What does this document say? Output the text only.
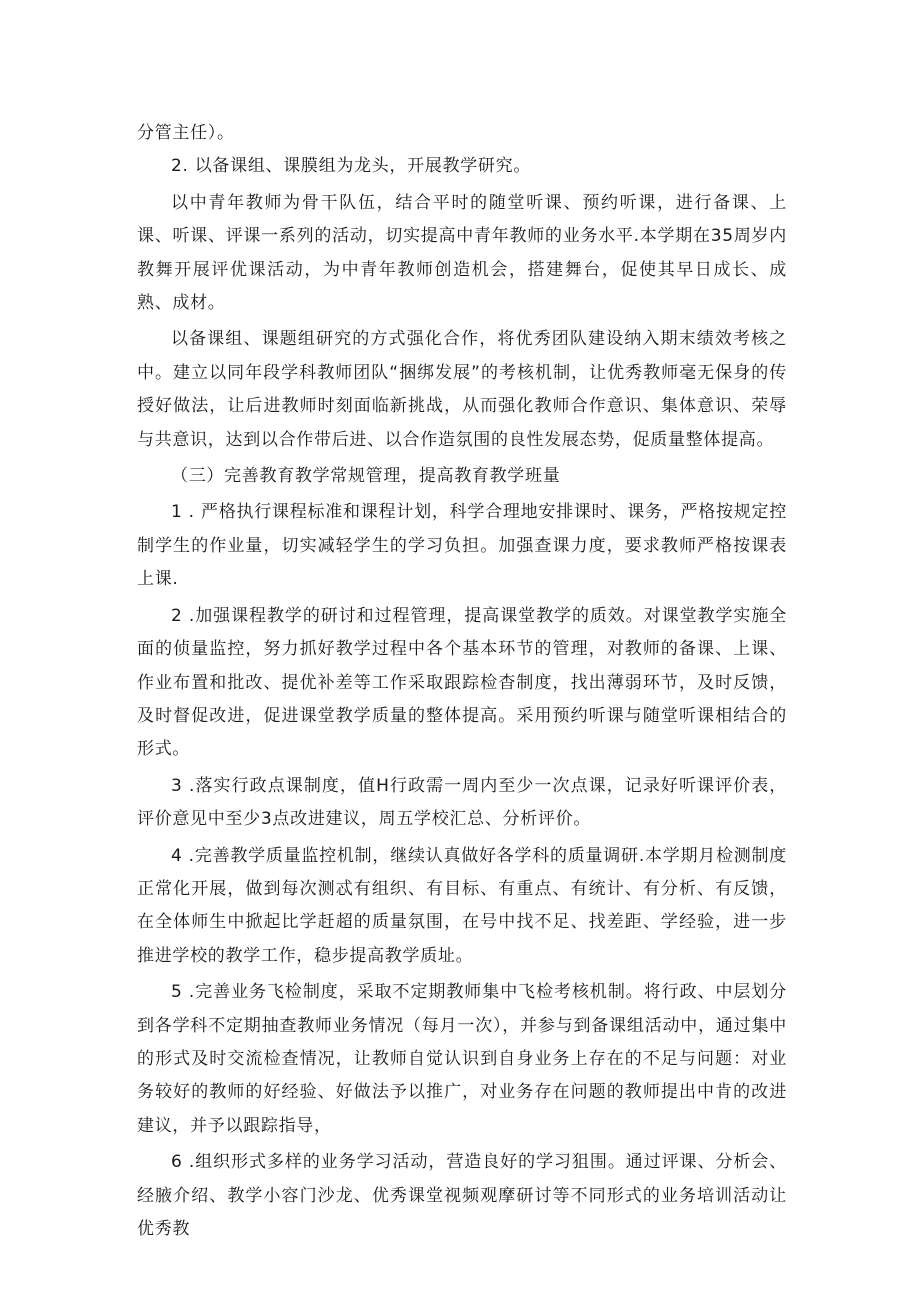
分管主任）。

2. 以备课组、课膜组为龙头，开展教学研究。

以中青年教师为骨干队伍，结合平时的随堂听课、预约听课，进行备课、上课、听课、评课一系列的活动，切实提高中青年教师的业务水平.本学期在35周岁内教舞开展评优课活动，为中青年教师创造机会，搭建舞台，促使其早日成长、成熟、成材。

以备课组、课题组研究的方式强化合作，将优秀团队建设纳入期末绩效考核之中。建立以同年段学科教师团队“捆绑发展”的考核机制，让优秀教师毫无保身的传授好做法，让后进教师时刻面临新挑战，从而强化教师合作意识、集体意识、荣辱与共意识，达到以合作带后进、以合作造氛围的良性发展态势，促质量整体提高。

（三）完善教育教学常规管理，提高教育教学班量

1 . 严格执行课程标准和课程计划，科学合理地安排课时、课务，严格按规定控制学生的作业量，切实减轻学生的学习负担。加强查课力度，要求教师严格按课表上课.

2 .加强课程教学的研讨和过程管理，提高课堂教学的质效。对课堂教学实施全面的侦量监控，努力抓好教学过程中各个基本环节的管理，对教师的备课、上课、作业布置和批改、提优补差等工作采取跟踪检杳制度，找出薄弱环节，及时反馈，及时督促改进，促进课堂教学质量的整体提高。采用预约听课与随堂听课相结合的形式。

3 .落实行政点课制度，值H行政需一周内至少一次点课，记录好听课评价表，评价意见中至少3点改进建议，周五学校汇总、分析评价。

4 .完善教学质量监控机制，继续认真做好各学科的质量调研.本学期月检测制度正常化开展，做到每次测忒有组织、有目标、有重点、有统计、有分析、有反馈，在全体师生中掀起比学赶超的质量氛围，在号中找不足、找差距、学经验，进一步推进学校的教学工作，稳步提高教学质址。

5 .完善业务飞检制度，采取不定期教师集中飞检考核机制。将行政、中层划分到各学科不定期抽查教师业务情况（每月一次），并参与到备课组活动中，通过集中的形式及时交流检查情况，让教师自觉认识到自身业务上存在的不足与问题：对业务较好的教师的好经验、好做法予以推广，对业务存在问题的教师提出中肯的改进建议，并予以跟踪指导，

6 .组织形式多样的业务学习活动，营造良好的学习狙围。通过评课、分析会、经腋介绍、教学小容门沙龙、优秀课堂视频观摩研讨等不同形式的业务培训活动让优秀教
